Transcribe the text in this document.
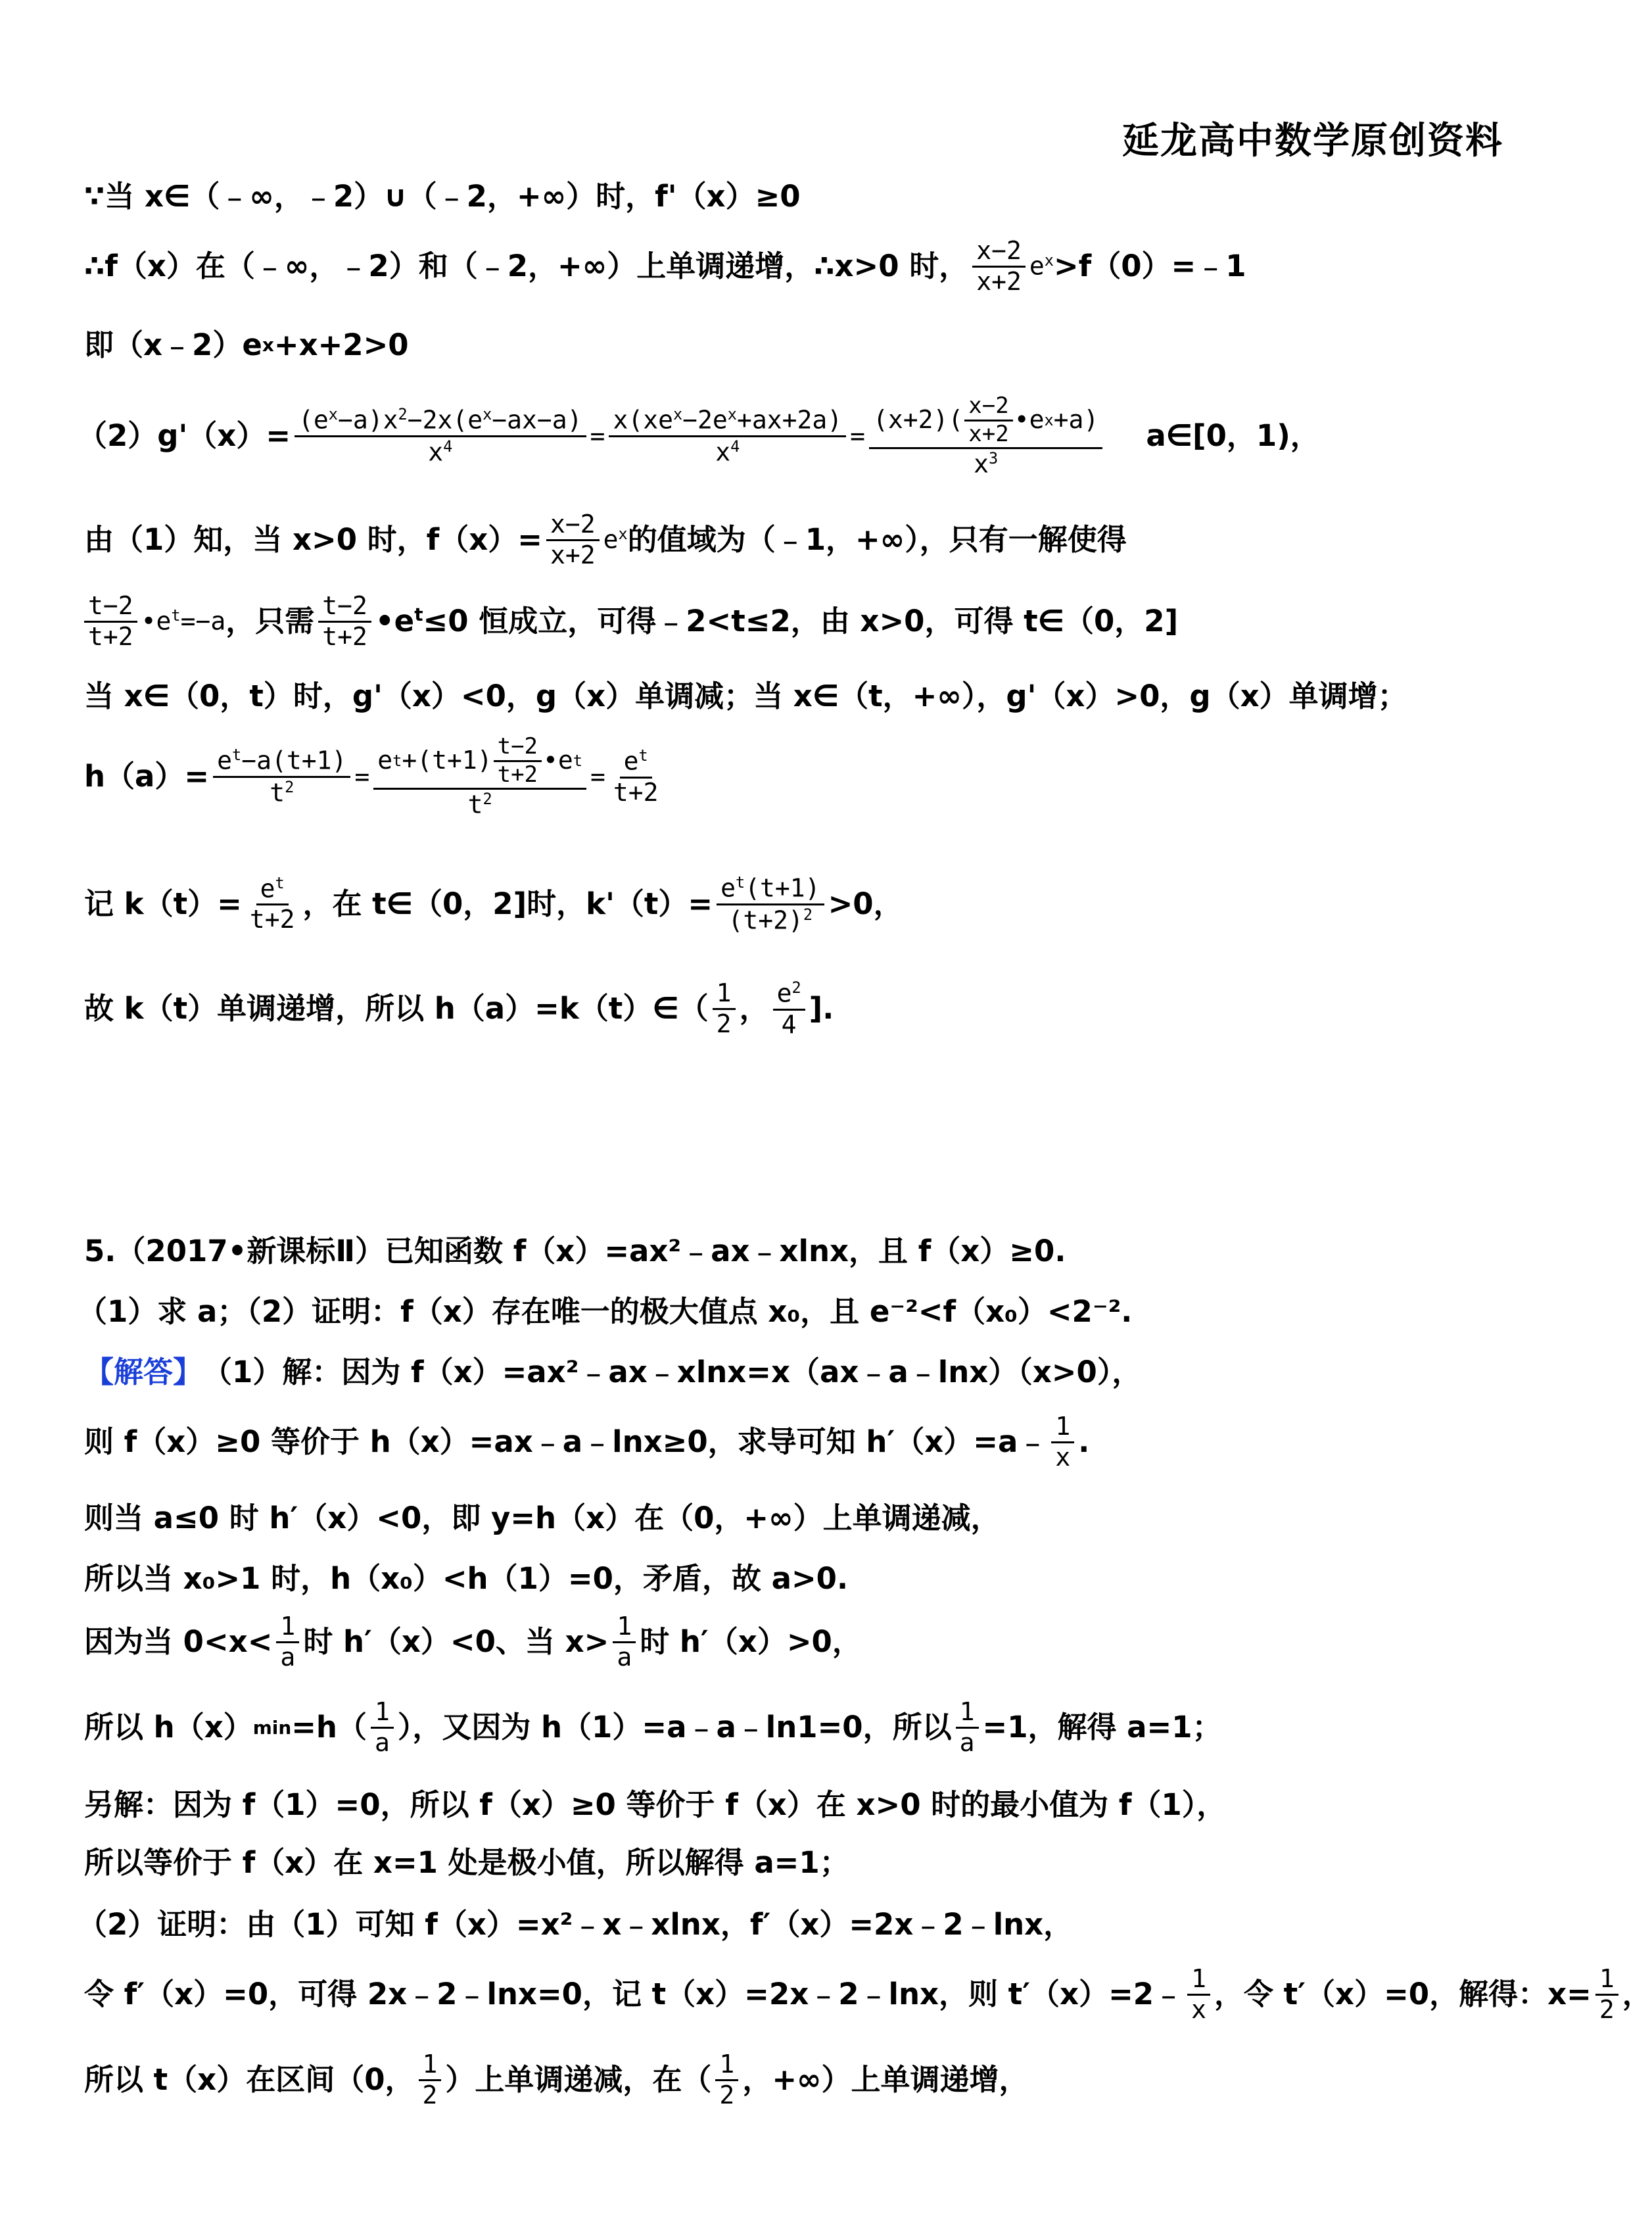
延龙高中数学原创资料
∵当 x∈（﹣∞，﹣2）∪（﹣2，+∞）时，f'（x）≥0
∴f（x）在（﹣∞，﹣2）和（﹣2，+∞）上单调递增，∴x>0 时， $\frac{x-2}{x+2} e^x$ >f（0）=﹣1
即（x﹣2）e x +x+2>0
$(2)g'(x)= \frac{(e^x-a)x^2-2x(e^x-ax-a)}{x^4} = \frac{x(xe^x-2e^x+ax+2a)}{x^4}$ =
$(x+2)( \frac{x-2}{x+2}$ •e x +a)
$x^3$
a∈[0，1)，
由（1）知，当 x>0 时，$f(x)= \frac{x-2}{x+2} e^x$ 的值域为（﹣1，+∞），只有一解使得
$\frac{t-2}{t+2}$ $•e^t=-a$ ，只需 $\frac{t-2}{t+2}$ $•e^t \le 0$ 恒成立，可得﹣2<t≤2，由 x>0，可得 t∈（0，2]
当 x∈（0，t）时，g'（x）<0，g（x）单调减；当 x∈（t，+∞），g'（x）>0，g（x）单调增；
$h(a)= \frac{e^t-a(t+1)}{t^2}$ =
e $t +(t+1) \frac{t-2}{t+2}$ •e t
$t^2$
= $\frac{e^t}{t+2}$
记 $k(t)= \frac{e^t}{t+2}$ ，在 t∈（0，2]时，$k'(t)= \frac{e^t(t+1)}{(t+2)^2} >0$，
故 k（t）单调递增，所以 h（a）=k（t）∈（ $\frac{1}{2}$ ， $\frac{e^2}{4}$ ].
5.（2017•新课标Ⅱ）已知函数 f（x）=ax²﹣ax﹣xlnx，且 f（x）≥0.
（1）求 a；（2）证明：f（x）存在唯一的极大值点 x₀，且 e⁻²<f（x₀）<2⁻².
【解答】 （1）解：因为 f（x）=ax²﹣ax﹣xlnx=x（ax﹣a﹣lnx）（x>0），
则 f（x）≥0 等价于 h（x）=ax﹣a﹣lnx≥0，求导可知 h′（x）=a﹣ $\frac{1}{x}$ .
则当 a≤0 时 h′（x）<0，即 y=h（x）在（0，+∞）上单调递减，
所以当 x₀>1 时，h（x₀）<h（1）=0，矛盾，故 a>0.
因为当 $0<x< \frac{1}{a}$ 时 h′（x）<0、当 $x> \frac{1}{a}$ 时 h′（x）>0，
所以 h（x） $\min =h( \frac{1}{a}$ ），又因为 h（1）=a﹣a﹣ln1=0，所以 $\frac{1}{a} =1$，解得 a=1；
另解：因为 f（1）=0，所以 f（x）≥0 等价于 f（x）在 x>0 时的最小值为 f（1），
所以等价于 f（x）在 x=1 处是极小值，所以解得 a=1；
（2）证明：由（1）可知 f（x）=x²﹣x﹣xlnx，f′（x）=2x﹣2﹣lnx，
令 f′（x）=0，可得 2x﹣2﹣lnx=0，记 t（x）=2x﹣2﹣lnx，则 t′（x）=2﹣ $\frac{1}{x}$ ，令 t′（x）=0，解得：$x= \frac{1}{2}$ ，
所以 t（x）在区间（0， $\frac{1}{2}$ ）上单调递减，在（ $\frac{1}{2}$ ，+∞）上单调递增，
